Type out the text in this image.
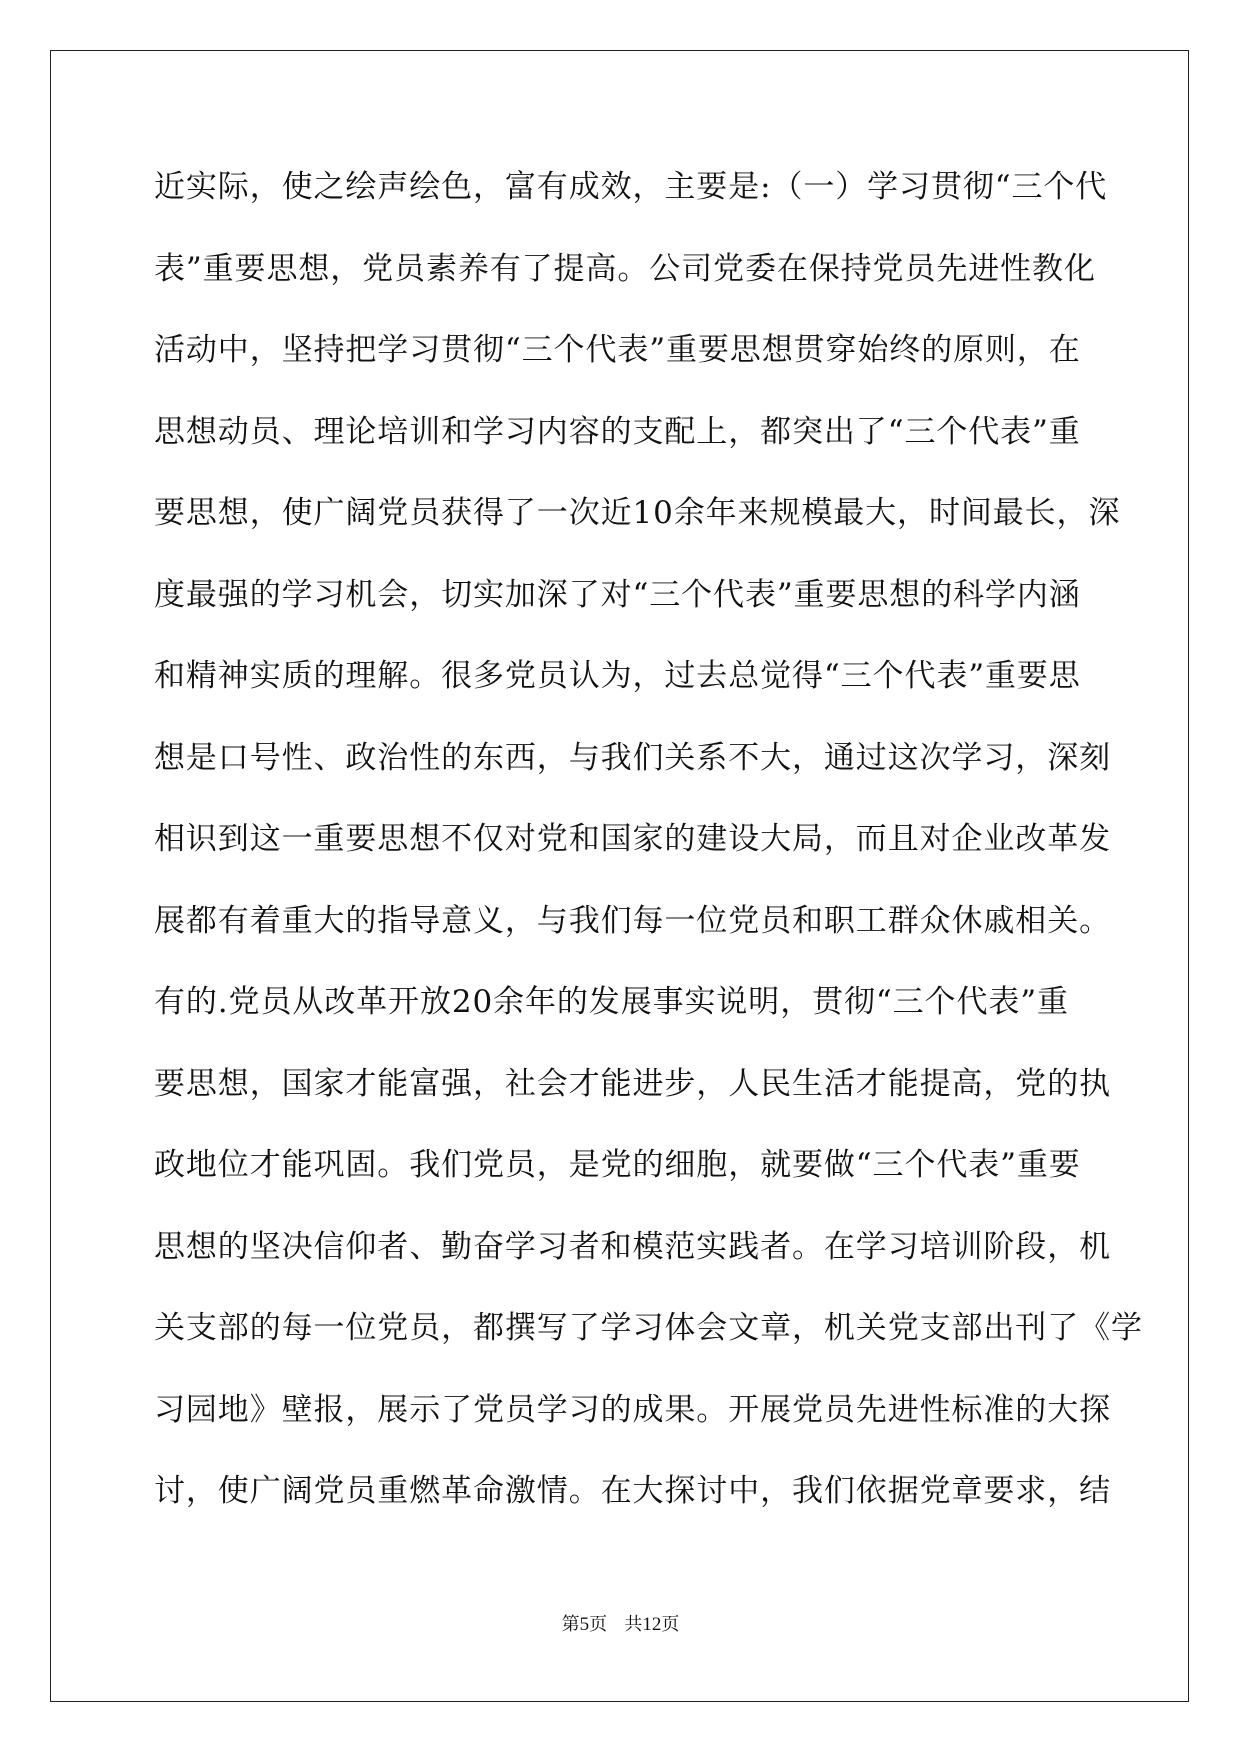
近实际，使之绘声绘色，富有成效，主要是:（一）学习贯彻“三个代
表”重要思想，党员素养有了提高。公司党委在保持党员先进性教化
活动中，坚持把学习贯彻“三个代表”重要思想贯穿始终的原则，在
思想动员、理论培训和学习内容的支配上，都突出了“三个代表”重
要思想，使广阔党员获得了一次近10余年来规模最大，时间最长，深
度最强的学习机会，切实加深了对“三个代表”重要思想的科学内涵
和精神实质的理解。很多党员认为，过去总觉得“三个代表”重要思
想是口号性、政治性的东西，与我们关系不大，通过这次学习，深刻
相识到这一重要思想不仅对党和国家的建设大局，而且对企业改革发
展都有着重大的指导意义，与我们每一位党员和职工群众休戚相关。
有的.党员从改革开放20余年的发展事实说明，贯彻“三个代表”重
要思想，国家才能富强，社会才能进步，人民生活才能提高，党的执
政地位才能巩固。我们党员，是党的细胞，就要做“三个代表”重要
思想的坚决信仰者、勤奋学习者和模范实践者。在学习培训阶段，机
关支部的每一位党员，都撰写了学习体会文章，机关党支部出刊了《学
习园地》壁报，展示了党员学习的成果。开展党员先进性标准的大探
讨，使广阔党员重燃革命激情。在大探讨中，我们依据党章要求，结
第5页 共12页
